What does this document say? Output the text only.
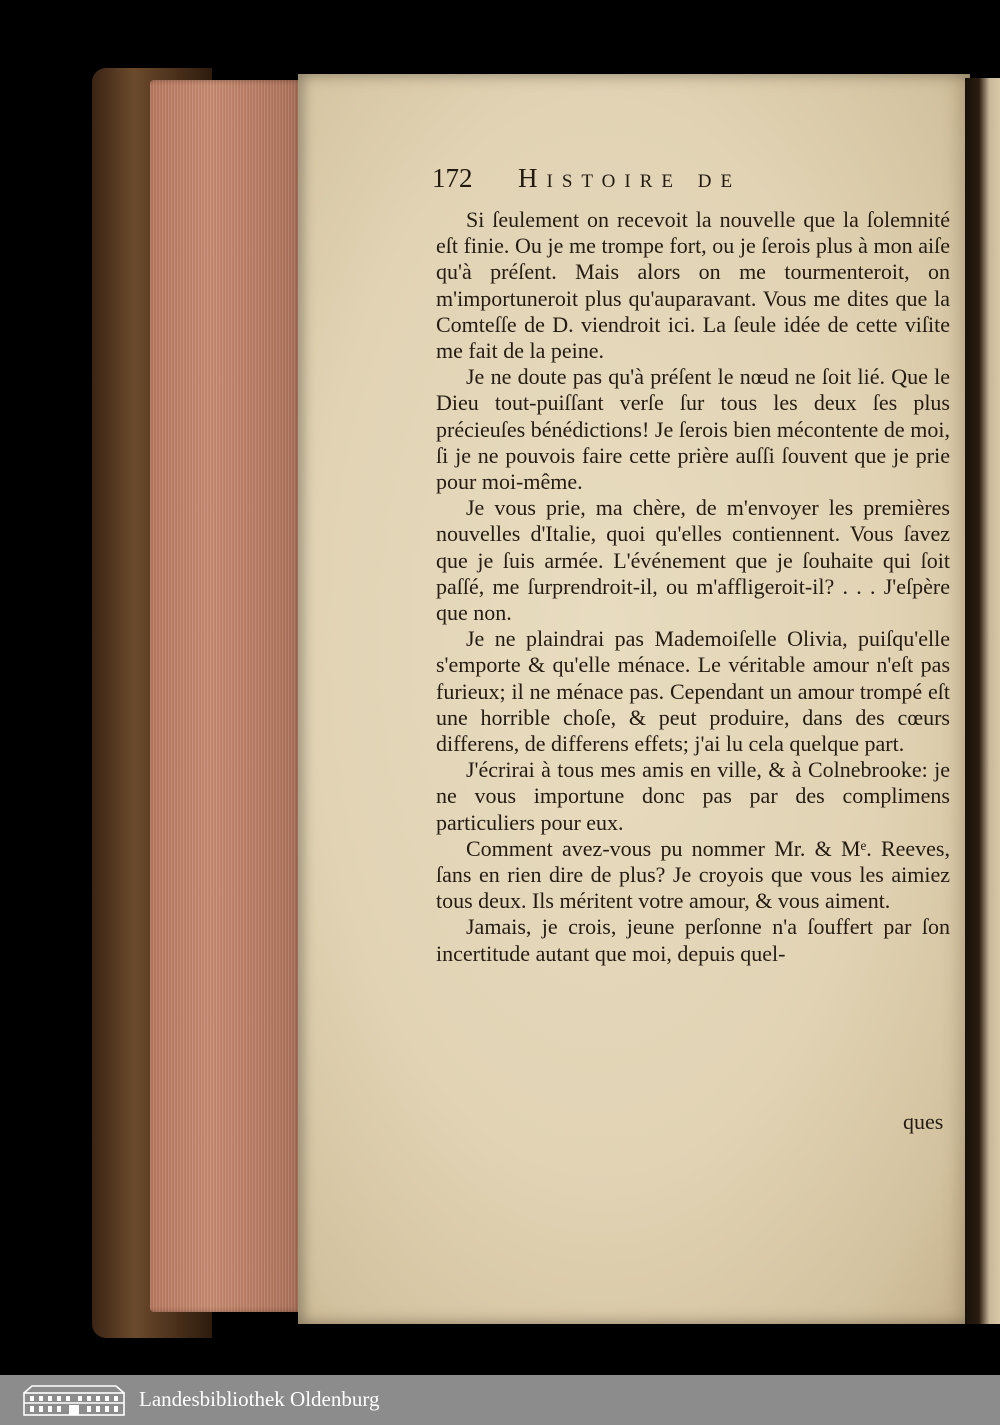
172 Histoire de

Si ſeulement on recevoit la nouvelle que la ſolemnité eſt finie. Ou je me trompe fort, ou je ſerois plus à mon aiſe qu'à préſent. Mais alors on me tourmenteroit, on m'importuneroit plus qu'auparavant. Vous me dites que la Comteſſe de D. viendroit ici. La ſeule idée de cette viſite me fait de la peine.

Je ne doute pas qu'à préſent le nœud ne ſoit lié. Que le Dieu tout-puiſſant verſe ſur tous les deux ſes plus précieuſes bénédictions! Je ſerois bien mécontente de moi, ſi je ne pouvois faire cette prière auſſi ſouvent que je prie pour moi-même.

Je vous prie, ma chère, de m'envoyer les premières nouvelles d'Italie, quoi qu'elles contiennent. Vous ſavez que je ſuis armée. L'événement que je ſouhaite qui ſoit paſſé, me ſurprendroit-il, ou m'affligeroit-il? . . . J'eſpère que non.

Je ne plaindrai pas Mademoiſelle Olivia, puiſqu'elle s'emporte & qu'elle ménace. Le véritable amour n'eſt pas furieux; il ne ménace pas. Cependant un amour trompé eſt une horrible choſe, & peut produire, dans des cœurs differens, de differens effets; j'ai lu cela quelque part.

J'écrirai à tous mes amis en ville, & à Colnebrooke: je ne vous importune donc pas par des complimens particuliers pour eux.

Comment avez-vous pu nommer Mr. & Mᵉ. Reeves, ſans en rien dire de plus? Je croyois que vous les aimiez tous deux. Ils méritent votre amour, & vous aiment.

Jamais, je crois, jeune perſonne n'a ſouffert par ſon incertitude autant que moi, depuis quel-

ques
Landesbibliothek Oldenburg
